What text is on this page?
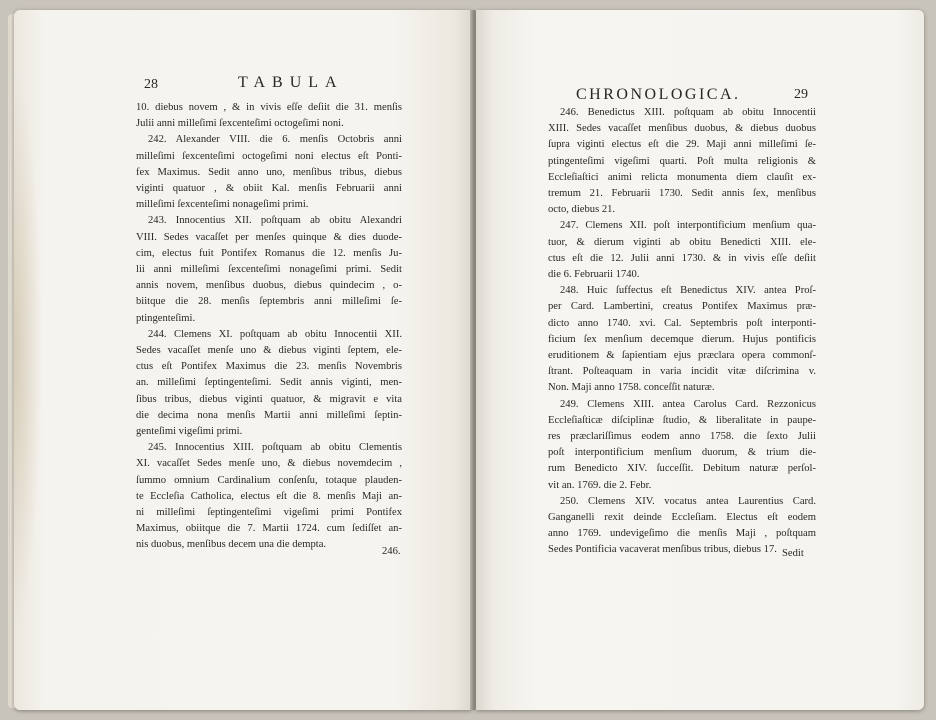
28	TABULA
10. diebus novem , & in vivis eſſe deſiit die 31. menſis
Julii anni milleſimi ſexcenteſimi octogeſimi noni.
242. Alexander VIII. die 6. menſis Octobris anni
milleſimi ſexcenteſimi octogeſimi noni electus eſt Ponti-
fex Maximus. Sedit anno uno, menſibus tribus, diebus
viginti quatuor , & obiit Kal. menſis Februarii anni
milleſimi ſexcenteſimi nonageſimi primi.
243. Innocentius XII. poſtquam ab obitu Alexandri
VIII. Sedes vacaſſet per menſes quinque & dies duode-
cim, electus fuit Pontifex Romanus die 12. menſis Ju-
lii anni milleſimi ſexcenteſimi nonageſimi primi. Sedit
annis novem, menſibus duobus, diebus quindecim , o-
biitque die 28. menſis ſeptembris anni milleſimi ſe-
ptingenteſimi.
244. Clemens XI. poſtquam ab obitu Innocentii XII.
Sedes vacaſſet menſe uno & diebus viginti ſeptem, ele-
ctus eſt Pontifex Maximus die 23. menſis Novembris
an. milleſimi ſeptingenteſimi. Sedit annis viginti, men-
ſibus tribus, diebus viginti quatuor, & migravit e vita
die decima nona menſis Martii anni milleſimi ſeptin-
genteſimi vigeſimi primi.
245. Innocentius XIII. poſtquam ab obitu Clementis
XI. vacaſſet Sedes menſe uno, & diebus novemdecim ,
ſummo omnium Cardinalium conſenſu, totaque plauden-
te Eccleſia Catholica, electus eſt die 8. menſis Maji an-
ni milleſimi ſeptingenteſimi vigeſimi primi Pontifex
Maximus, obiitque die 7. Martii 1724. cum ſediſſet an-
nis duobus, menſibus decem una die dempta.
246.
CHRONOLOGICA.	29
246. Benedictus XIII. poſtquam ab obitu Innocentii
XIII. Sedes vacaſſet menſibus duobus, & diebus duobus
ſupra viginti electus eſt die 29. Maji anni milleſimi ſe-
ptingenteſimi vigeſimi quarti. Poſt multa religionis &
Eccleſiaſtici animi relicta monumenta diem clauſit ex-
tremum 21. Februarii 1730. Sedit annis ſex, menſibus
octo, diebus 21.
247. Clemens XII. poſt interpontificium menſium qua-
tuor, & dierum viginti ab obitu Benedicti XIII. ele-
ctus eſt die 12. Julii anni 1730. & in vivis eſſe deſiit
die 6. Februarii 1740.
248. Huic ſuffectus eſt Benedictus XIV. antea Proſ-
per Card. Lambertini, creatus Pontifex Maximus præ-
dicto anno 1740. xvi. Cal. Septembris poſt interponti-
ficium ſex menſium decemque dierum. Hujus pontificis
eruditionem & ſapientiam ejus præclara opera commonſ-
ſtrant. Poſteaquam in varia incidit vitæ diſcrimina v.
Non. Maji anno 1758. conceſſit naturæ.
249. Clemens XIII. antea Carolus Card. Rezzonicus
Eccleſiaſticæ diſciplinæ ſtudio, & liberalitate in paupe-
res præclariſſimus eodem anno 1758. die ſexto Julii
poſt interpontificium menſium duorum, & trium die-
rum Benedicto XIV. ſucceſſit. Debitum naturæ perſol-
vit an. 1769. die 2. Febr.
250. Clemens XIV. vocatus antea Laurentius Card.
Ganganelli rexit deinde Eccleſiam. Electus eſt eodem
anno 1769. undevigeſimo die menſis Maji , poſtquam
Sedes Pontificia vacaverat menſibus tribus, diebus 17. Sedit
